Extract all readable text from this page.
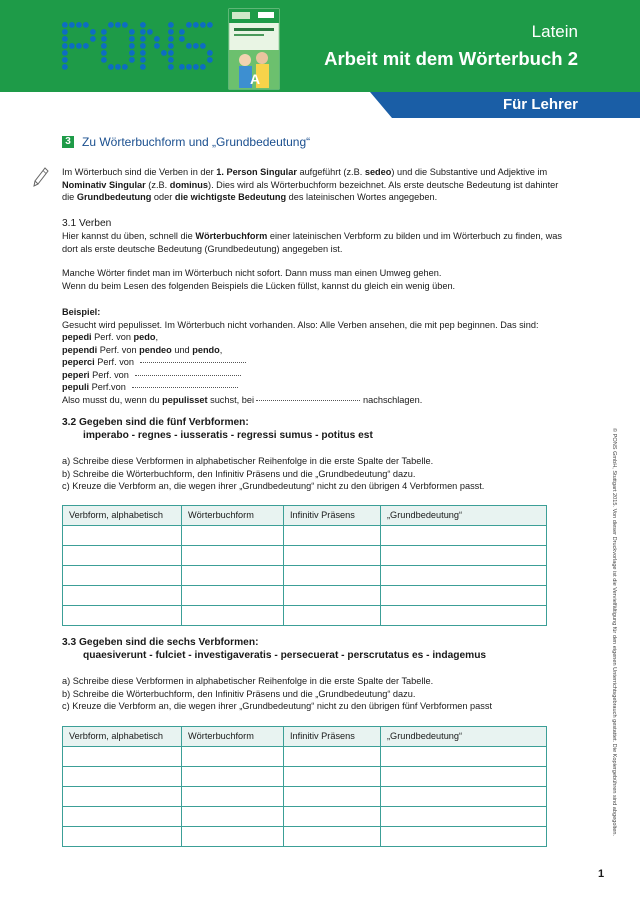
A
Latein
Arbeit mit dem Wörterbuch 2
Für Lehrer
3 Zu Wörterbuchform und „Grundbedeutung“

Im Wörterbuch sind die Verben in der 1. Person Singular aufgeführt (z.B. sedeo) und die Substantive und Adjektive im Nominativ Singular (z.B. dominus). Dies wird als Wörterbuchform bezeichnet. Als erste deutsche Bedeutung ist dahinter die Grundbedeutung oder die wichtigste Bedeutung des lateinischen Wortes angegeben.

3.1 Verben

Hier kannst du üben, schnell die Wörterbuchform einer lateinischen Verbform zu bilden und im Wörterbuch zu finden, was dort als erste deutsche Bedeutung (Grundbedeutung) angegeben ist.

Manche Wörter findet man im Wörterbuch nicht sofort. Dann muss man einen Umweg gehen.

Wenn du beim Lesen des folgenden Beispiels die Lücken füllst, kannst du gleich ein wenig üben.

Beispiel:

Gesucht wird pepulisset. Im Wörterbuch nicht vorhanden. Also: Alle Verben ansehen, die mit pep beginnen. Das sind:

pepedi Perf. von pedo,

pependi Perf. von pendeo und pendo,

peperci Perf. von

peperi Perf. von

pepuli Perf.von

Also musst du, wenn du pepulisset suchst, bei	nachschlagen.

3.2 Gegeben sind die fünf Verbformen:

imperabo - regnes - iusseratis - regressi sumus - potitus est

a) Schreibe diese Verbformen in alphabetischer Reihenfolge in die erste Spalte der Tabelle.
b) Schreibe die Wörterbuchform, den Infinitiv Präsens und die „Grundbedeutung“ dazu.
c) Kreuze die Verbform an, die wegen ihrer „Grundbedeutung“ nicht zu den übrigen 4 Verbformen passt.
Verbform, alphabetisch	Wörterbuchform	Infinitiv Präsens	„Grundbedeutung“

3.3 Gegeben sind die sechs Verbformen:

quaesiverunt - fulciet - investigaveratis - persecuerat - perscrutatus es - indagemus

a) Schreibe diese Verbformen in alphabetischer Reihenfolge in die erste Spalte der Tabelle.
b) Schreibe die Wörterbuchform, den Infinitiv Präsens und die „Grundbedeutung“ dazu.
c) Kreuze die Verbform an, die wegen ihrer „Grundbedeutung“ nicht zu den übrigen fünf Verbformen passt
Verbform, alphabetisch	Wörterbuchform	Infinitiv Präsens	„Grundbedeutung“

				© PONS GmbH, Stuttgart 2015. Von dieser Druckvorlage ist die Vervielfältigung für den eigenen Unterrichtsgebrauch gestattet. Die Kopiergebühren sind abgegolten.
1
